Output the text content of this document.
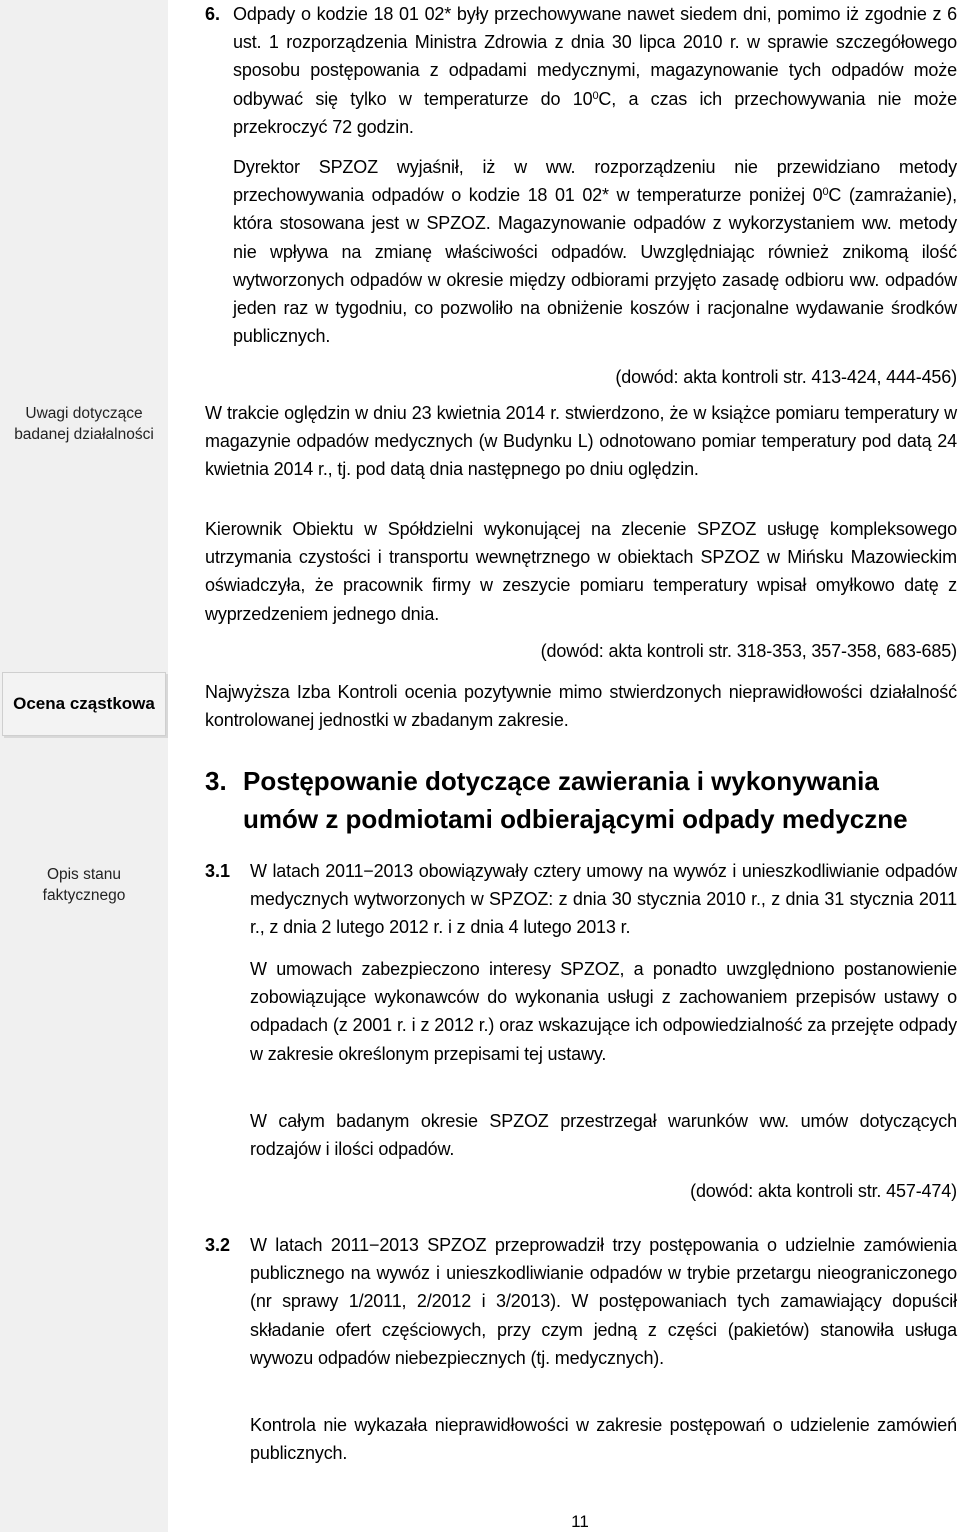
Uwagi dotyczące
badanej działalności
Ocena cząstkowa
Opis stanu
faktycznego
6. Odpady o kodzie 18 01 02* były przechowywane nawet siedem dni, pomimo iż zgodnie z 6 ust. 1 rozporządzenia Ministra Zdrowia z dnia 30 lipca 2010 r. w sprawie szczegółowego sposobu postępowania z odpadami medycznymi, magazynowanie tych odpadów może odbywać się tylko w temperaturze do $10^0C$, a czas ich przechowywania nie może przekroczyć 72 godzin.

Dyrektor SPZOZ wyjaśnił, iż w ww. rozporządzeniu nie przewidziano metody przechowywania odpadów o kodzie 18 01 02* w temperaturze poniżej $0^0C$ (zamrażanie), która stosowana jest w SPZOZ. Magazynowanie odpadów z wykorzystaniem ww. metody nie wpływa na zmianę właściwości odpadów. Uwzględniając również znikomą ilość wytworzonych odpadów w okresie między odbiorami przyjęto zasadę odbioru ww. odpadów jeden raz w tygodniu, co pozwoliło na obniżenie koszów i racjonalne wydawanie środków publicznych.

(dowód: akta kontroli str. 413-424, 444-456)

W trakcie oględzin w dniu 23 kwietnia 2014 r. stwierdzono, że w książce pomiaru temperatury w magazynie odpadów medycznych (w Budynku L) odnotowano pomiar temperatury pod datą 24 kwietnia 2014 r., tj. pod datą dnia następnego po dniu oględzin.

Kierownik Obiektu w Spółdzielni wykonującej na zlecenie SPZOZ usługę kompleksowego utrzymania czystości i transportu wewnętrznego w obiektach SPZOZ w Mińsku Mazowieckim oświadczyła, że pracownik firmy w zeszycie pomiaru temperatury wpisał omyłkowo datę z wyprzedzeniem jednego dnia.

(dowód: akta kontroli str. 318-353, 357-358, 683-685)

Najwyższa Izba Kontroli ocenia pozytywnie mimo stwierdzonych nieprawidłowości działalność kontrolowanej jednostki w zbadanym zakresie.

3. Postępowanie dotyczące zawierania i wykonywania
umów z podmiotami odbierającymi odpady medyczne
3.1 W latach 2011−2013 obowiązywały cztery umowy na wywóz i unieszkodliwianie odpadów medycznych wytworzonych w SPZOZ: z dnia 30 stycznia 2010 r., z dnia 31 stycznia 2011 r., z dnia 2 lutego 2012 r. i z dnia 4 lutego 2013 r.

W umowach zabezpieczono interesy SPZOZ, a ponadto uwzględniono postanowienie zobowiązujące wykonawców do wykonania usługi z zachowaniem przepisów ustawy o odpadach (z 2001 r. i z 2012 r.) oraz wskazujące ich odpowiedzialność za przejęte odpady w zakresie określonym przepisami tej ustawy.

W całym badanym okresie SPZOZ przestrzegał warunków ww. umów dotyczących rodzajów i ilości odpadów.

(dowód: akta kontroli str. 457-474)

3.2 W latach 2011−2013 SPZOZ przeprowadził trzy postępowania o udzielnie zamówienia publicznego na wywóz i unieszkodliwianie odpadów w trybie przetargu nieograniczonego (nr sprawy 1/2011, 2/2012 i 3/2013). W postępowaniach tych zamawiający dopuścił składanie ofert częściowych, przy czym jedną z części (pakietów) stanowiła usługa wywozu odpadów niebezpiecznych (tj. medycznych).

Kontrola nie wykazała nieprawidłowości w zakresie postępowań o udzielenie zamówień publicznych.

11
